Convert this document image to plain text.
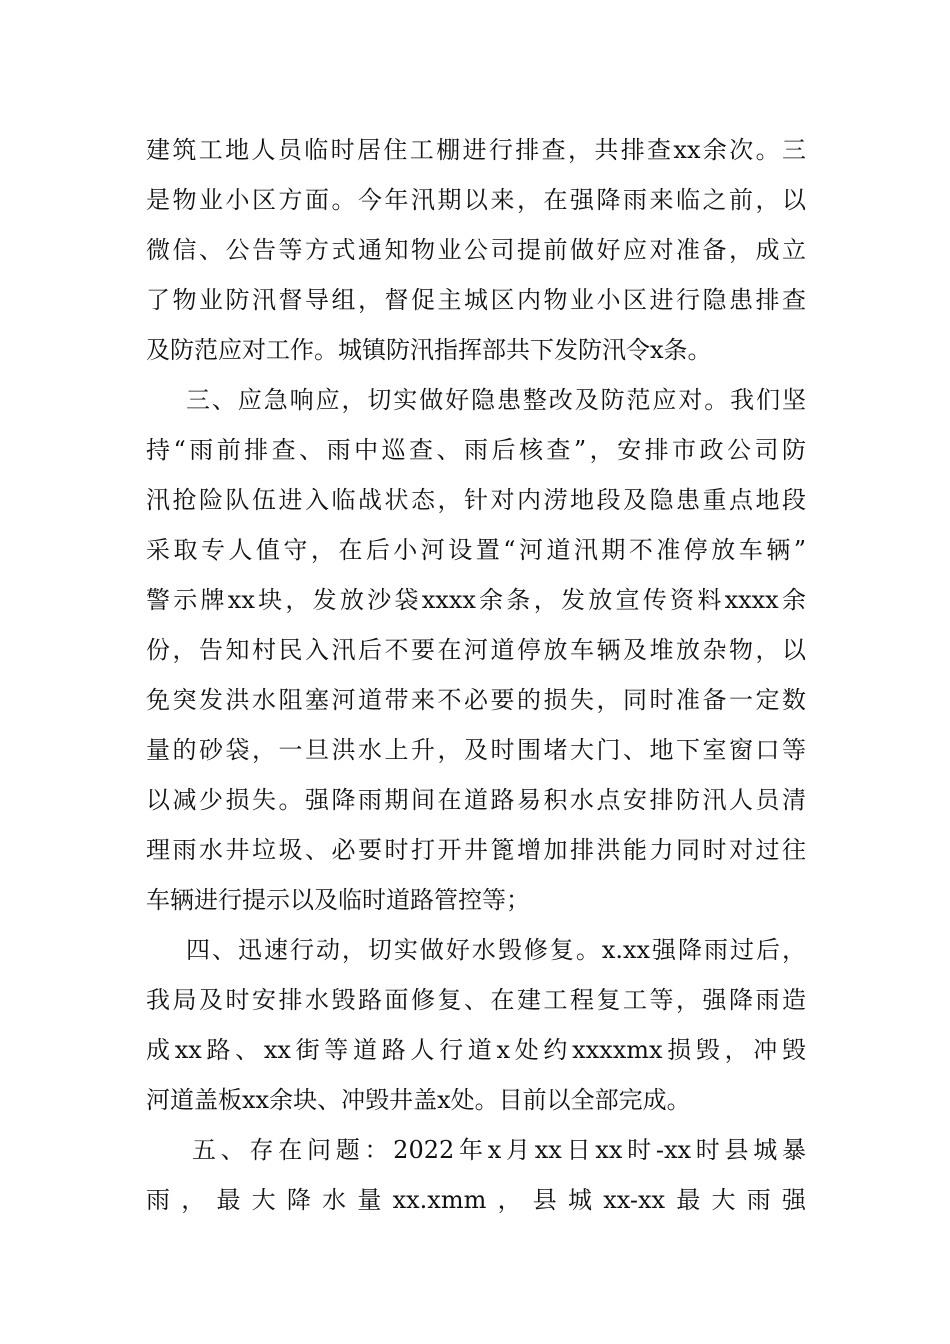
建筑工地人员临时居住工棚进行排查，共排查xx余次。三
是物业小区方面。今年汛期以来，在强降雨来临之前，以
微信、公告等方式通知物业公司提前做好应对准备，成立
了物业防汛督导组，督促主城区内物业小区进行隐患排查
及防范应对工作。城镇防汛指挥部共下发防汛令x条。
三、应急响应，切实做好隐患整改及防范应对。我们坚
持“雨前排查、雨中巡查、雨后核查”，安排市政公司防
汛抢险队伍进入临战状态，针对内涝地段及隐患重点地段
采取专人值守，在后小河设置“河道汛期不准停放车辆”
警示牌xx块，发放沙袋xxxx余条，发放宣传资料xxxx余
份，告知村民入汛后不要在河道停放车辆及堆放杂物，以
免突发洪水阻塞河道带来不必要的损失，同时准备一定数
量的砂袋，一旦洪水上升，及时围堵大门、地下室窗口等
以减少损失。强降雨期间在道路易积水点安排防汛人员清
理雨水井垃圾、必要时打开井篦增加排洪能力同时对过往
车辆进行提示以及临时道路管控等；
四、迅速行动，切实做好水毁修复。x.xx强降雨过后，
我局及时安排水毁路面修复、在建工程复工等，强降雨造
成xx路、xx街等道路人行道x处约xxxxmx损毁，冲毁
河道盖板xx余块、冲毁井盖x处。目前以全部完成。
五、存在问题：2022年x月xx日xx时-xx时县城暴
雨，最大降水量xx.xmm，县城xx-xx最大雨强
